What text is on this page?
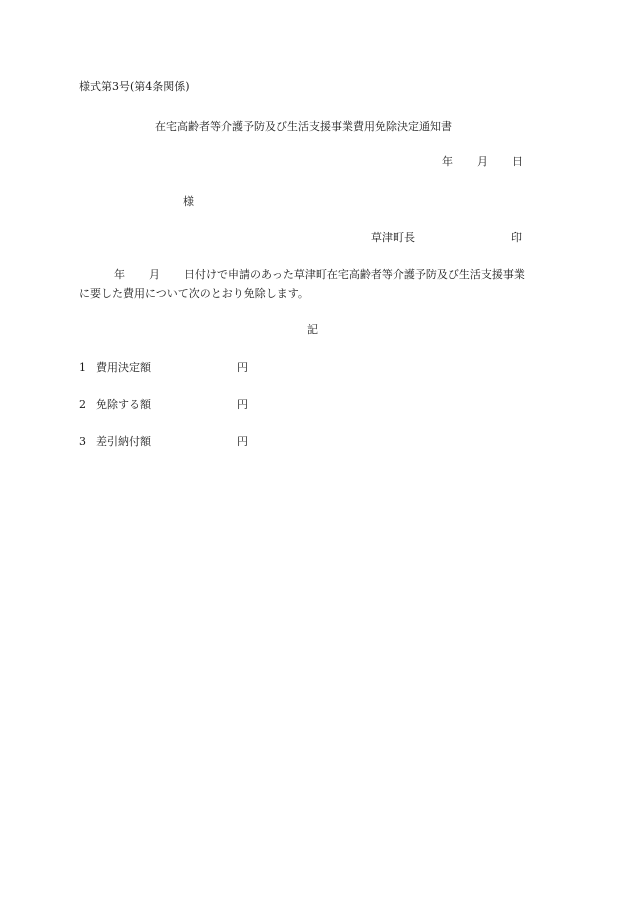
様式第3号(第4条関係)
在宅高齢者等介護予防及び生活支援事業費用免除決定通知書
年 月 日
様
草津町長	印
年 月 日付けで申請のあった草津町在宅高齢者等介護予防及び生活支援事業
に要した費用について次のとおり免除します。
記
1 費用決定額	円
2 免除する額	円
3 差引納付額	円
